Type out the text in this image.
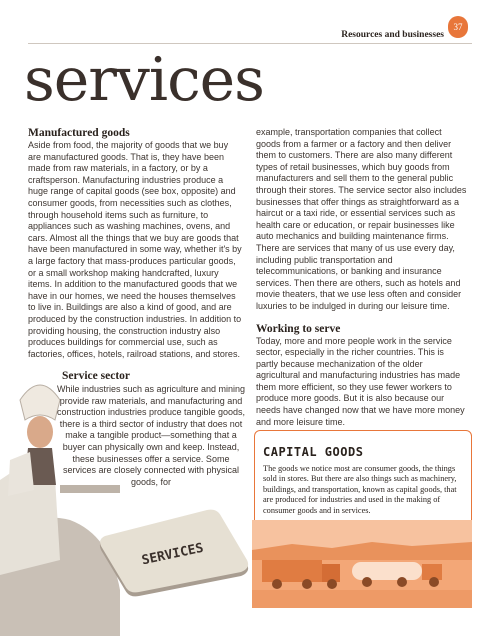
Resources and businesses
37
services
Manufactured goods

Aside from food, the majority of goods that we buy are manufactured goods. That is, they have been made from raw materials, in a factory, or by a craftsperson. Manufacturing industries produce a huge range of capital goods (see box, opposite) and consumer goods, from necessities such as clothes, through household items such as furniture, to appliances such as washing machines, ovens, and cars. Almost all the things that we buy are goods that have been manufactured in some way, whether it's by a large factory that mass-produces particular goods, or a small workshop making handcrafted, luxury items. In addition to the manufactured goods that we have in our homes, we need the houses themselves to live in. Buildings are also a kind of good, and are produced by the construction industries. In addition to providing housing, the construction industry also produces buildings for commercial use, such as factories, offices, hotels, railroad stations, and stores.

Service sector
While industries such as agriculture and mining provide raw materials, and manufacturing and construction industries produce tangible goods, there is a third sector of industry that does not make a tangible product—something that a buyer can physically own and keep. Instead, these businesses offer a service. Some services are closely connected with physical goods, for
SERVICES

example, transportation companies that collect goods from a farmer or a factory and then deliver them to customers. There are also many different types of retail businesses, which buy goods from manufacturers and sell them to the general public through their stores. The service sector also includes businesses that offer things as straightforward as a haircut or a taxi ride, or essential services such as health care or education, or repair businesses like auto mechanics and building maintenance firms. There are services that many of us use every day, including public transportation and telecommunications, or banking and insurance services. Then there are others, such as hotels and movie theaters, that we use less often and consider luxuries to be indulged in during our leisure time.

Working to serve

Today, more and more people work in the service sector, especially in the richer countries. This is partly because mechanization of the older agricultural and manufacturing industries has made them more efficient, so they use fewer workers to produce more goods. But it is also because our needs have changed now that we have more money and more leisure time.

CAPITAL GOODS
The goods we notice most are consumer goods, the things sold in stores. But there are also things such as machinery, buildings, and transportation, known as capital goods, that are produced for industries and used in the making of consumer goods and in services.
